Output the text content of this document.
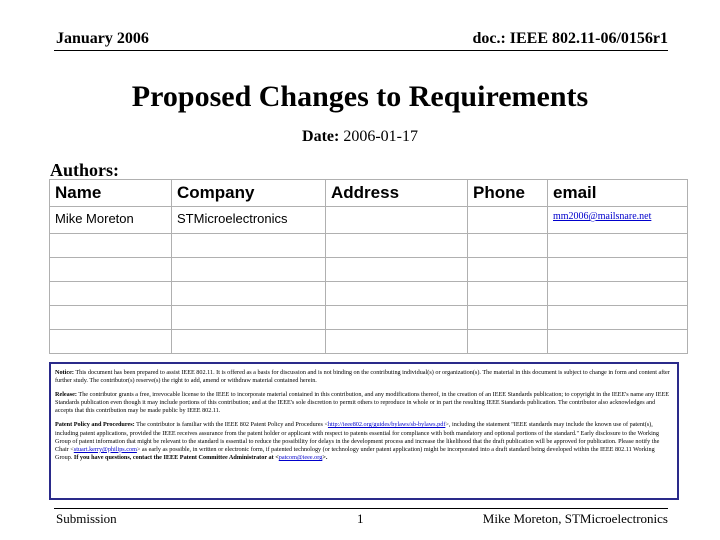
January 2006	doc.: IEEE 802.11-06/0156r1
Proposed Changes to Requirements
Date: 2006-01-17
Authors:
Name	Company	Address	Phone	email
Mike Moreton	STMicroelectronics			mm2006@mailsnare.net

Notice: This document has been prepared to assist IEEE 802.11. It is offered as a basis for discussion and is not binding on the contributing individual(s) or organization(s). The material in this document is subject to change in form and content after further study. The contributor(s) reserve(s) the right to add, amend or withdraw material contained herein.

Release: The contributor grants a free, irrevocable license to the IEEE to incorporate material contained in this contribution, and any modifications thereof, in the creation of an IEEE Standards publication; to copyright in the IEEE's name any IEEE Standards publication even though it may include portions of this contribution; and at the IEEE's sole discretion to permit others to reproduce in whole or in part the resulting IEEE Standards publication. The contributor also acknowledges and accepts that this contribution may be made public by IEEE 802.11.

Patent Policy and Procedures: The contributor is familiar with the IEEE 802 Patent Policy and Procedures <http://ieee802.org/guides/bylaws/sb-bylaws.pdf>, including the statement "IEEE standards may include the known use of patent(s), including patent applications, provided the IEEE receives assurance from the patent holder or applicant with respect to patents essential for compliance with both mandatory and optional portions of the standard." Early disclosure to the Working Group of patent information that might be relevant to the standard is essential to reduce the possibility for delays in the development process and increase the likelihood that the draft publication will be approved for publication. Please notify the Chair <stuart.kerry@philips.com> as early as possible, in written or electronic form, if patented technology (or technology under patent application) might be incorporated into a draft standard being developed within the IEEE 802.11 Working Group. If you have questions, contact the IEEE Patent Committee Administrator at <patcom@ieee.org>.

Submission	1	Mike Moreton, STMicroelectronics
